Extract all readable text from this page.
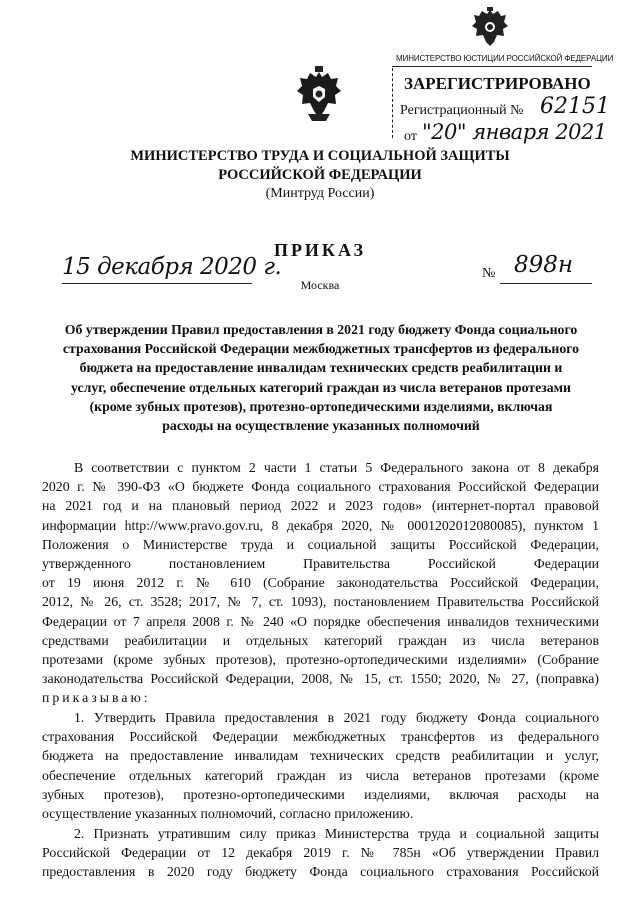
МИНИСТЕРСТВО ЮСТИЦИИ РОССИЙСКОЙ ФЕДЕРАЦИИ
ЗАРЕГИСТРИРОВАНО
Регистрационный № 62151
от "20" января 2021
МИНИСТЕРСТВО ТРУДА И СОЦИАЛЬНОЙ ЗАЩИТЫ
РОССИЙСКОЙ ФЕДЕРАЦИИ
(Минтруд России)
ПРИКАЗ
15 декабря 2020 г.	№ 898н
Москва
Об утверждении Правил предоставления в 2021 году бюджету Фонда социального
страхования Российской Федерации межбюджетных трансфертов из федерального
бюджета на предоставление инвалидам технических средств реабилитации и
услуг, обеспечение отдельных категорий граждан из числа ветеранов протезами
(кроме зубных протезов), протезно-ортопедическими изделиями, включая
расходы на осуществление указанных полномочий
В соответствии с пунктом 2 части 1 статьи 5 Федерального закона от 8 декабря
2020 г. № 390-ФЗ «О бюджете Фонда социального страхования Российской Федерации
на 2021 год и на плановый период 2022 и 2023 годов» (интернет-портал правовой
информации http://www.pravo.gov.ru, 8 декабря 2020, № 0001202012080085), пунктом 1
Положения о Министерстве труда и социальной защиты Российской Федерации,
утвержденного постановлением Правительства Российской Федерации
от 19 июня 2012 г. № 610 (Собрание законодательства Российской Федерации,
2012, № 26, ст. 3528; 2017, № 7, ст. 1093), постановлением Правительства Российской
Федерации от 7 апреля 2008 г. № 240 «О порядке обеспечения инвалидов техническими
средствами реабилитации и отдельных категорий граждан из числа ветеранов
протезами (кроме зубных протезов), протезно-ортопедическими изделиями» (Собрание
законодательства Российской Федерации, 2008, № 15, ст. 1550; 2020, № 27, (поправка)
приказываю:
1. Утвердить Правила предоставления в 2021 году бюджету Фонда социального
страхования Российской Федерации межбюджетных трансфертов из федерального
бюджета на предоставление инвалидам технических средств реабилитации и услуг,
обеспечение отдельных категорий граждан из числа ветеранов протезами (кроме
зубных протезов), протезно-ортопедическими изделиями, включая расходы на
осуществление указанных полномочий, согласно приложению.
2. Признать утратившим силу приказ Министерства труда и социальной защиты
Российской Федерации от 12 декабря 2019 г. № 785н «Об утверждении Правил
предоставления в 2020 году бюджету Фонда социального страхования Российской
